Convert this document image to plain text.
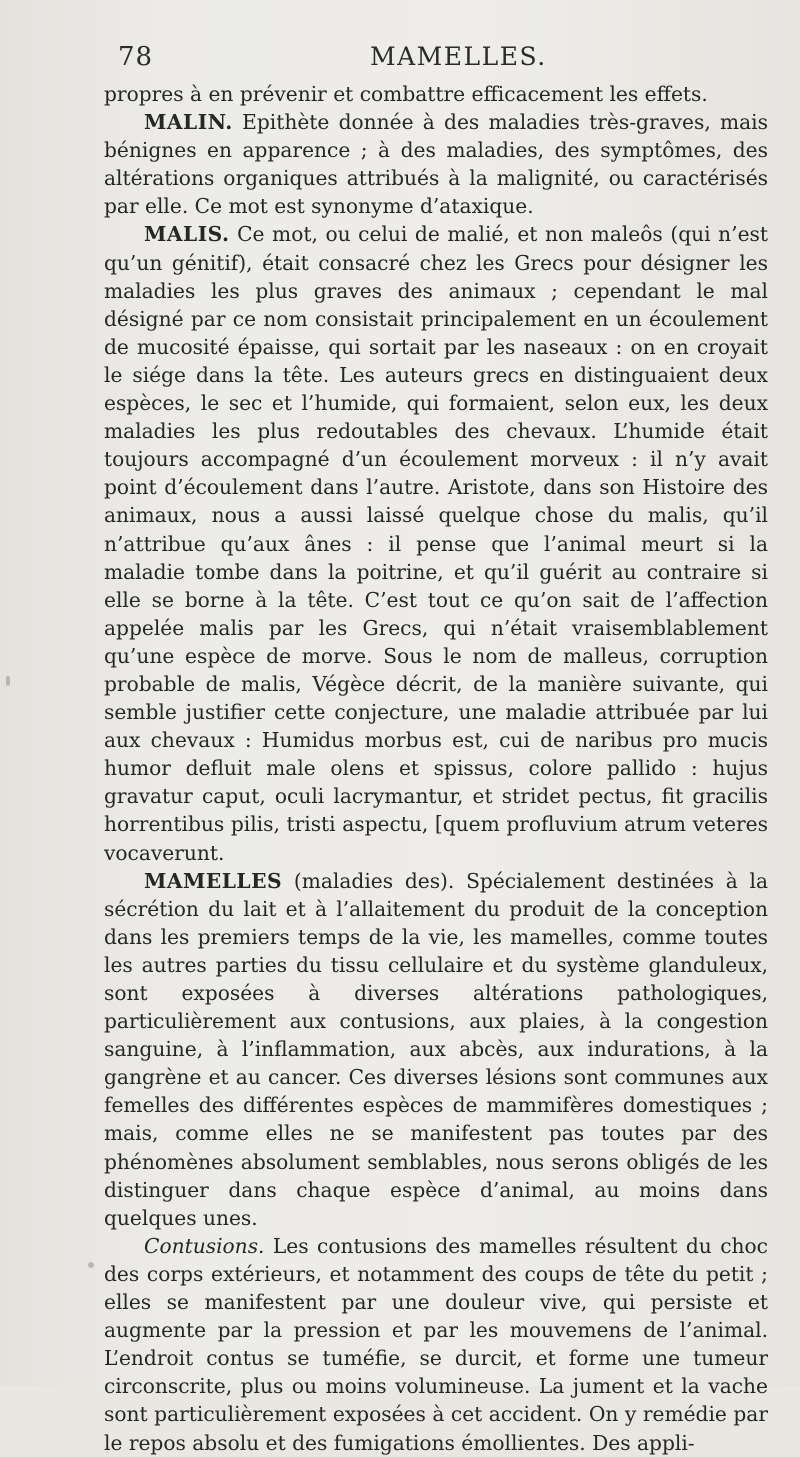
78	MAMELLES.

propres à en prévenir et combattre efficacement les effets.

MALIN. Epithète donnée à des maladies très-graves, mais bénignes en apparence ; à des maladies, des symptômes, des altérations organiques attribués à la malignité, ou caractérisés par elle. Ce mot est synonyme d’ataxique.

MALIS. Ce mot, ou celui de malié, et non maleôs (qui n’est qu’un génitif), était consacré chez les Grecs pour désigner les maladies les plus graves des animaux ; cependant le mal désigné par ce nom consistait principalement en un écoulement de mucosité épaisse, qui sortait par les naseaux : on en croyait le siége dans la tête. Les auteurs grecs en distinguaient deux espèces, le sec et l’humide, qui formaient, selon eux, les deux maladies les plus redoutables des chevaux. L’humide était toujours accompagné d’un écoulement morveux : il n’y avait point d’écoulement dans l’autre. Aristote, dans son Histoire des animaux, nous a aussi laissé quelque chose du malis, qu’il n’attribue qu’aux ânes : il pense que l’animal meurt si la maladie tombe dans la poitrine, et qu’il guérit au contraire si elle se borne à la tête. C’est tout ce qu’on sait de l’affection appelée malis par les Grecs, qui n’était vraisemblablement qu’une espèce de morve. Sous le nom de malleus, corruption probable de malis, Végèce décrit, de la manière suivante, qui semble justifier cette conjecture, une maladie attribuée par lui aux chevaux : Humidus morbus est, cui de naribus pro mucis humor defluit male olens et spissus, colore pallido : hujus gravatur caput, oculi lacrymantur, et stridet pectus, fit gracilis horrentibus pilis, tristi aspectu, [quem profluvium atrum veteres vocaverunt.

MAMELLES (maladies des). Spécialement destinées à la sécrétion du lait et à l’allaitement du produit de la conception dans les premiers temps de la vie, les mamelles, comme toutes les autres parties du tissu cellulaire et du système glanduleux, sont exposées à diverses altérations pathologiques, particulièrement aux contusions, aux plaies, à la congestion sanguine, à l’inflammation, aux abcès, aux indurations, à la gangrène et au cancer. Ces diverses lésions sont communes aux femelles des différentes espèces de mammifères domestiques ; mais, comme elles ne se manifestent pas toutes par des phénomènes absolument semblables, nous serons obligés de les distinguer dans chaque espèce d’animal, au moins dans quelques unes.

Contusions. Les contusions des mamelles résultent du choc des corps extérieurs, et notamment des coups de tête du petit ; elles se manifestent par une douleur vive, qui persiste et augmente par la pression et par les mouvemens de l’animal. L’endroit contus se tuméfie, se durcit, et forme une tumeur circonscrite, plus ou moins volumineuse. La jument et la vache sont particulièrement exposées à cet accident. On y remédie par le repos absolu et des fumigations émollientes. Des appli-
